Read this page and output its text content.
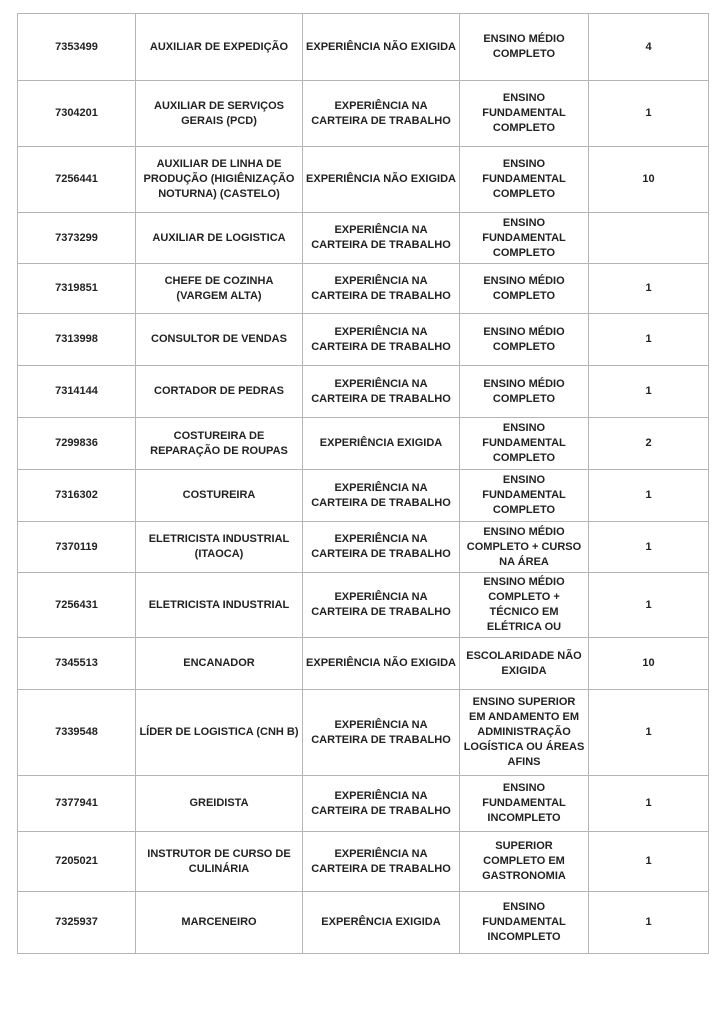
7353499	AUXILIAR DE EXPEDIÇÃO	EXPERIÊNCIA NÃO EXIGIDA	ENSINO MÉDIO COMPLETO	4
7304201	AUXILIAR DE SERVIÇOS GERAIS (PCD)	EXPERIÊNCIA NA CARTEIRA DE TRABALHO	ENSINO FUNDAMENTAL COMPLETO	1
7256441	AUXILIAR DE LINHA DE PRODUÇÃO (HIGIÊNIZAÇÃO NOTURNA) (CASTELO)	EXPERIÊNCIA NÃO EXIGIDA	ENSINO FUNDAMENTAL COMPLETO	10
7373299	AUXILIAR DE LOGISTICA	EXPERIÊNCIA NA CARTEIRA DE TRABALHO	ENSINO FUNDAMENTAL COMPLETO	
7319851	CHEFE DE COZINHA (VARGEM ALTA)	EXPERIÊNCIA NA CARTEIRA DE TRABALHO	ENSINO MÉDIO COMPLETO	1
7313998	CONSULTOR DE VENDAS	EXPERIÊNCIA NA CARTEIRA DE TRABALHO	ENSINO MÉDIO COMPLETO	1
7314144	CORTADOR DE PEDRAS	EXPERIÊNCIA NA CARTEIRA DE TRABALHO	ENSINO MÉDIO COMPLETO	1
7299836	COSTUREIRA DE REPARAÇÃO DE ROUPAS	EXPERIÊNCIA EXIGIDA	ENSINO FUNDAMENTAL COMPLETO	2
7316302	COSTUREIRA	EXPERIÊNCIA NA CARTEIRA DE TRABALHO	ENSINO FUNDAMENTAL COMPLETO	1
7370119	ELETRICISTA INDUSTRIAL (ITAOCA)	EXPERIÊNCIA NA CARTEIRA DE TRABALHO	ENSINO MÉDIO COMPLETO + CURSO NA ÁREA	1
7256431	ELETRICISTA INDUSTRIAL	EXPERIÊNCIA NA CARTEIRA DE TRABALHO	ENSINO MÉDIO COMPLETO + TÉCNICO EM ELÉTRICA OU	1
7345513	ENCANADOR	EXPERIÊNCIA NÃO EXIGIDA	ESCOLARIDADE NÃO EXIGIDA	10
7339548	LÍDER DE LOGISTICA (CNH B)	EXPERIÊNCIA NA CARTEIRA DE TRABALHO	ENSINO SUPERIOR EM ANDAMENTO EM ADMINISTRAÇÃO LOGÍSTICA OU ÁREAS AFINS	1
7377941	GREIDISTA	EXPERIÊNCIA NA CARTEIRA DE TRABALHO	ENSINO FUNDAMENTAL INCOMPLETO	1
7205021	INSTRUTOR DE CURSO DE CULINÁRIA	EXPERIÊNCIA NA CARTEIRA DE TRABALHO	SUPERIOR COMPLETO EM GASTRONOMIA	1
7325937	MARCENEIRO	EXPERÊNCIA EXIGIDA	ENSINO FUNDAMENTAL INCOMPLETO	1
